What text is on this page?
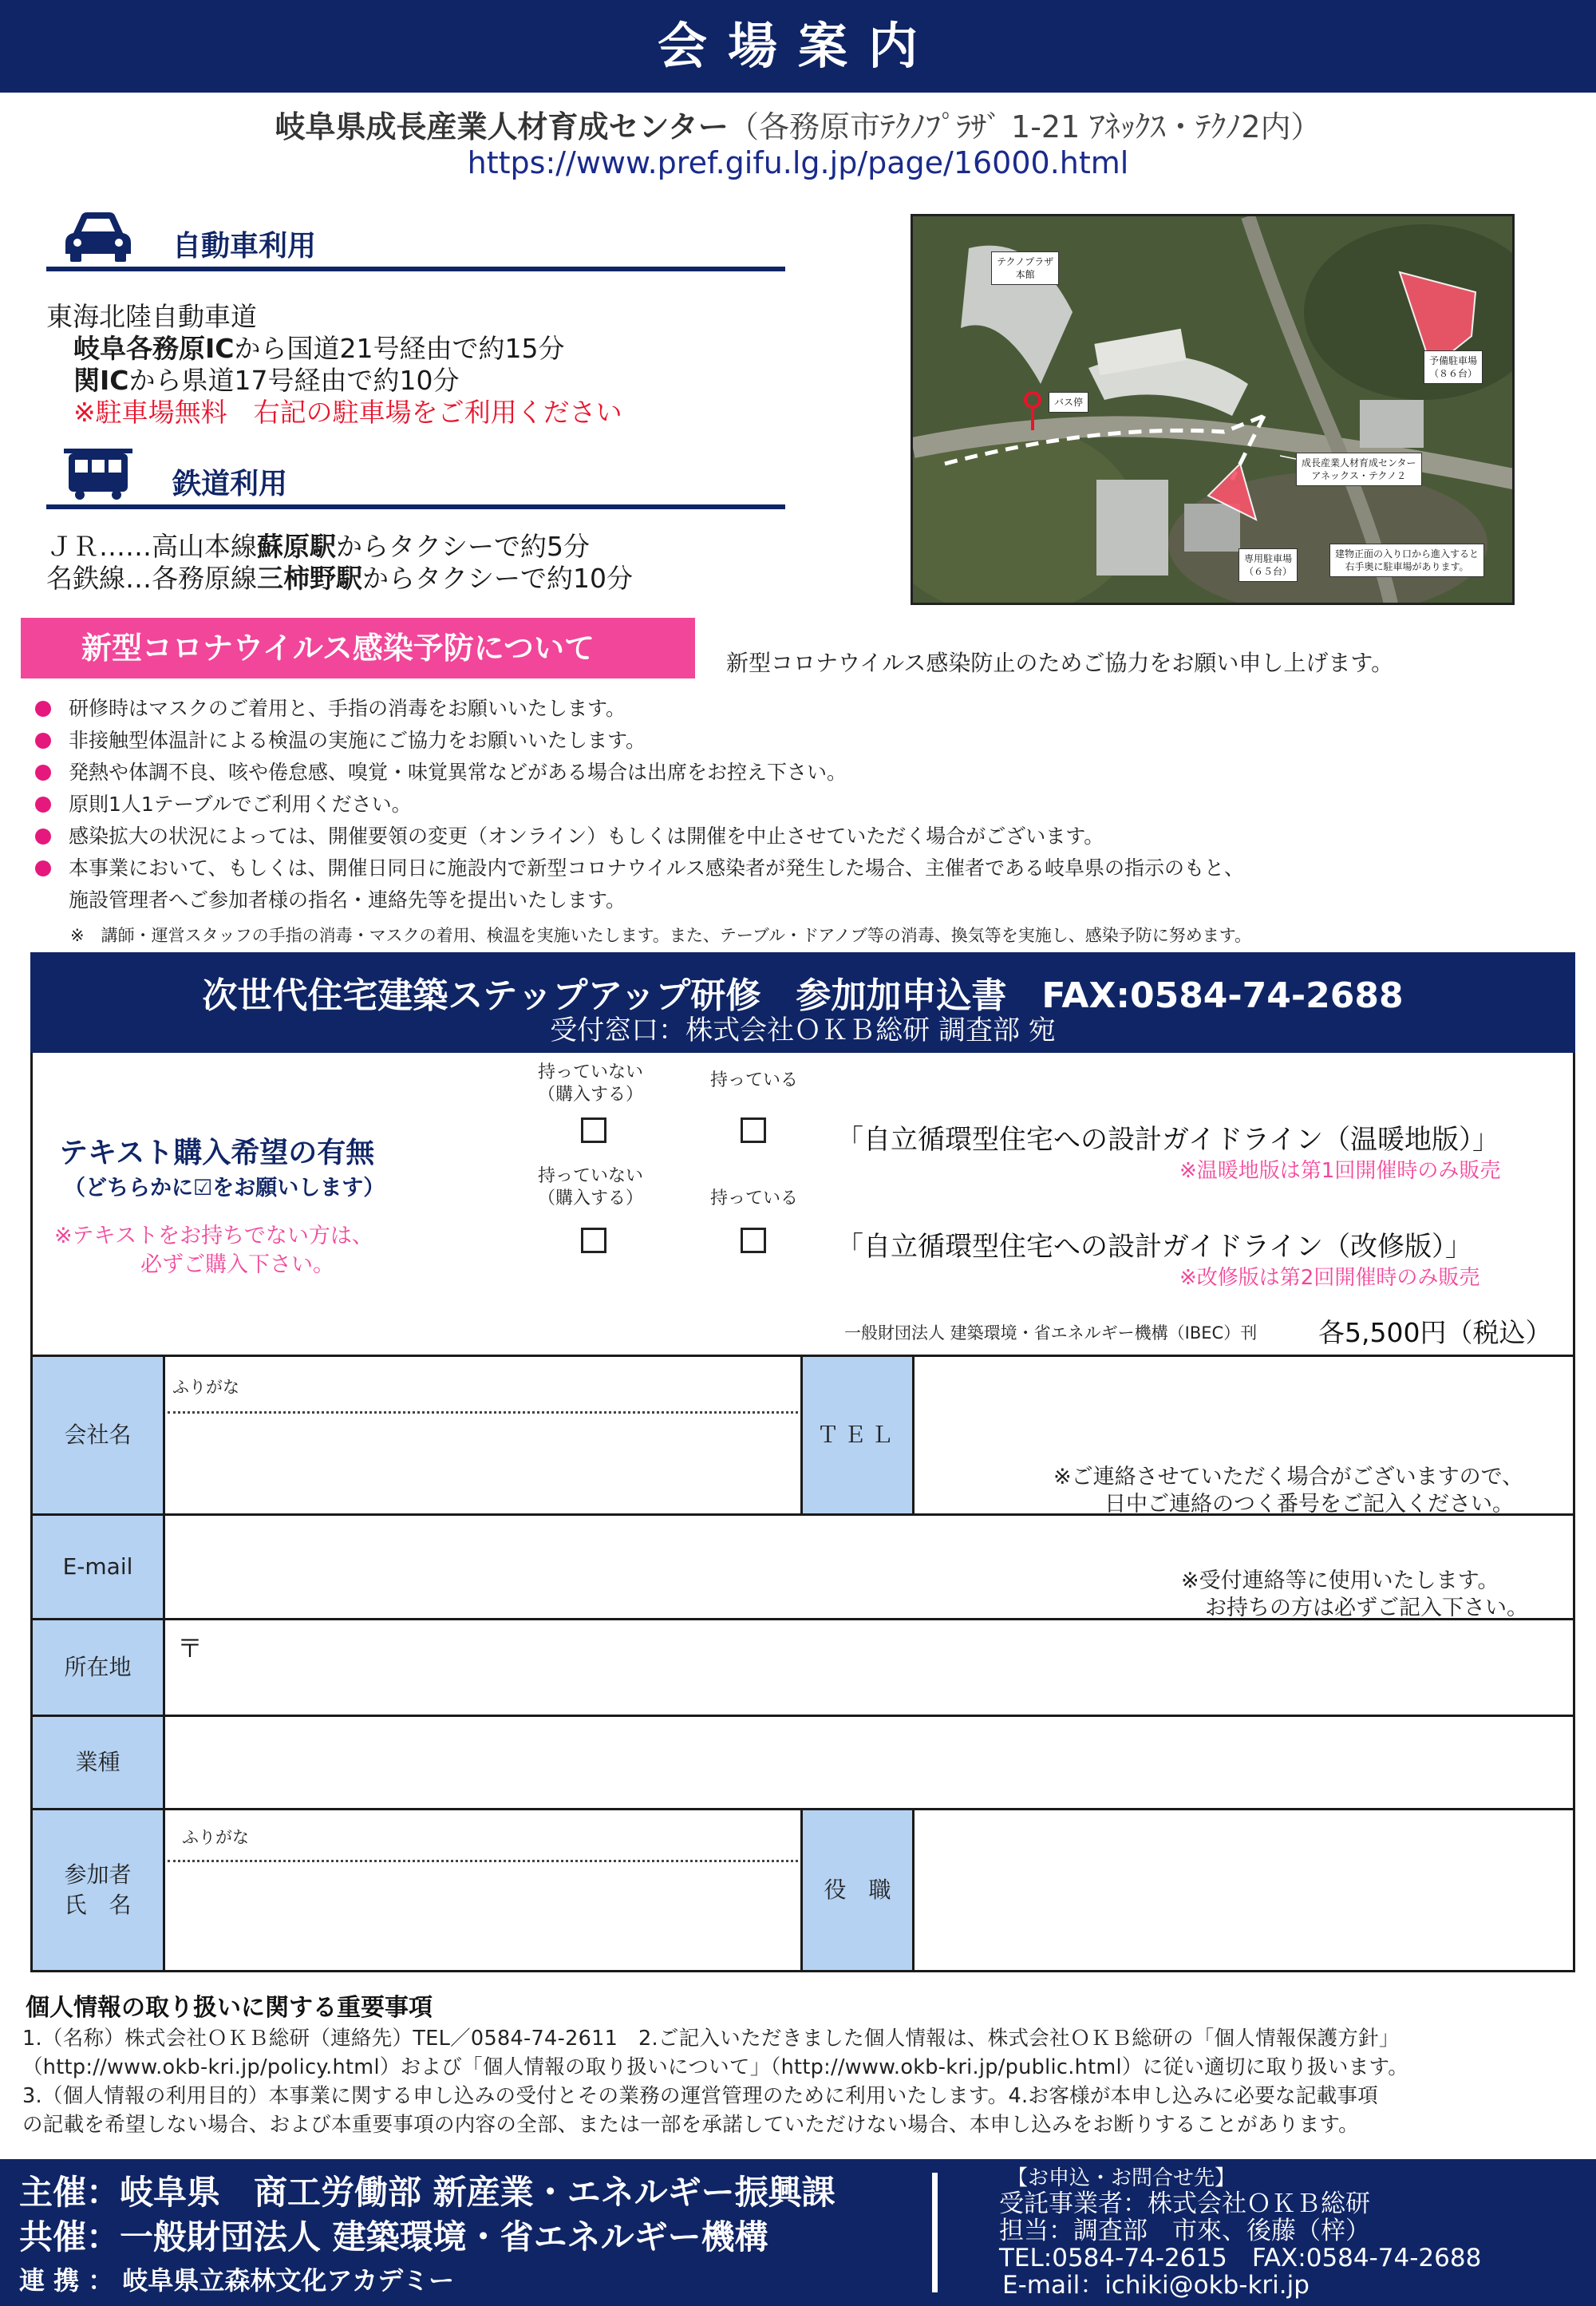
会場案内
岐阜県成長産業人材育成センター（各務原市ﾃｸﾉﾌﾟﾗｻﾞ 1-21 ｱﾈｯｸｽ・ﾃｸﾉ2内）
https://www.pref.gifu.lg.jp/page/16000.html
自動車利用
東海北陸自動車道
岐阜各務原ICから国道21号経由で約15分
関ICから県道17号経由で約10分
※駐車場無料　右記の駐車場をご利用ください
鉄道利用
ＪＲ……高山本線蘇原駅からタクシーで約5分
名鉄線…各務原線三柿野駅からタクシーで約10分
テクノプラザ
本館
予備駐車場
（８６台）
バス停
成長産業人材育成センター
アネックス・テクノ２
専用駐車場
（６５台）
建物正面の入り口から進入すると
右手奥に駐車場があります。
新型コロナウイルス感染予防について	新型コロナウイルス感染防止のためご協力をお願い申し上げます。
研修時はマスクのご着用と、手指の消毒をお願いいたします。
非接触型体温計による検温の実施にご協力をお願いいたします。
発熱や体調不良、咳や倦怠感、嗅覚・味覚異常などがある場合は出席をお控え下さい。
原則1人1テーブルでご利用ください。
感染拡大の状況によっては、開催要領の変更（オンライン）もしくは開催を中止させていただく場合がございます。
本事業において、もしくは、開催日同日に施設内で新型コロナウイルス感染者が発生した場合、主催者である岐阜県の指示のもと、
施設管理者へご参加者様の指名・連絡先等を提出いたします。
※　講師・運営スタッフの手指の消毒・マスクの着用、検温を実施いたします。また、テーブル・ドアノブ等の消毒、換気等を実施し、感染予防に努めます。
次世代住宅建築ステップアップ研修　参加加申込書　FAX:0584-74-2688
受付窓口：株式会社ＯＫＢ総研 調査部 宛
テキスト購入希望の有無
（どちらかに☑をお願いします）
※テキストをお持ちでない方は、
必ずご購入下さい。
持っていない
（購入する）
持っている
「自立循環型住宅への設計ガイドライン（温暖地版）」
※温暖地版は第1回開催時のみ販売
持っていない
（購入する）	持っている
「自立循環型住宅への設計ガイドライン（改修版）」
※改修版は第2回開催時のみ販売
一般財団法人 建築環境・省エネルギー機構（IBEC）刊 各5,500円（税込）
会社名
ふりがな
ＴＥＬ
※ご連絡させていただく場合がございますので、
日中ご連絡のつく番号をご記入ください。
E-mail
※受付連絡等に使用いたします。
お持ちの方は必ずご記入下さい。
所在地
〒
業種
参加者
氏　名
ふりがな
役　職
個人情報の取り扱いに関する重要事項
1.（名称）株式会社ＯＫＢ総研（連絡先）TEL／0584-74-2611　2.ご記入いただきました個人情報は、株式会社ＯＫＢ総研の「個人情報保護方針」
（http://www.okb-kri.jp/policy.html）および「個人情報の取り扱いについて」（http://www.okb-kri.jp/public.html）に従い適切に取り扱います。
3.（個人情報の利用目的）本事業に関する申し込みの受付とその業務の運営管理のために利用いたします。4.お客様が本申し込みに必要な記載事項
の記載を希望しない場合、および本重要事項の内容の全部、または一部を承諾していただけない場合、本申し込みをお断りすることがあります。
主催：岐阜県　商工労働部 新産業・エネルギー振興課
共催：一般財団法人 建築環境・省エネルギー機構
連 携 ： 岐阜県立森林文化アカデミー
【お申込・お問合せ先】
受託事業者：株式会社ＯＫＢ総研
担当：調査部　市來、後藤（梓）
TEL:0584-74-2615　FAX:0584-74-2688
E-mail：ichiki@okb-kri.jp
